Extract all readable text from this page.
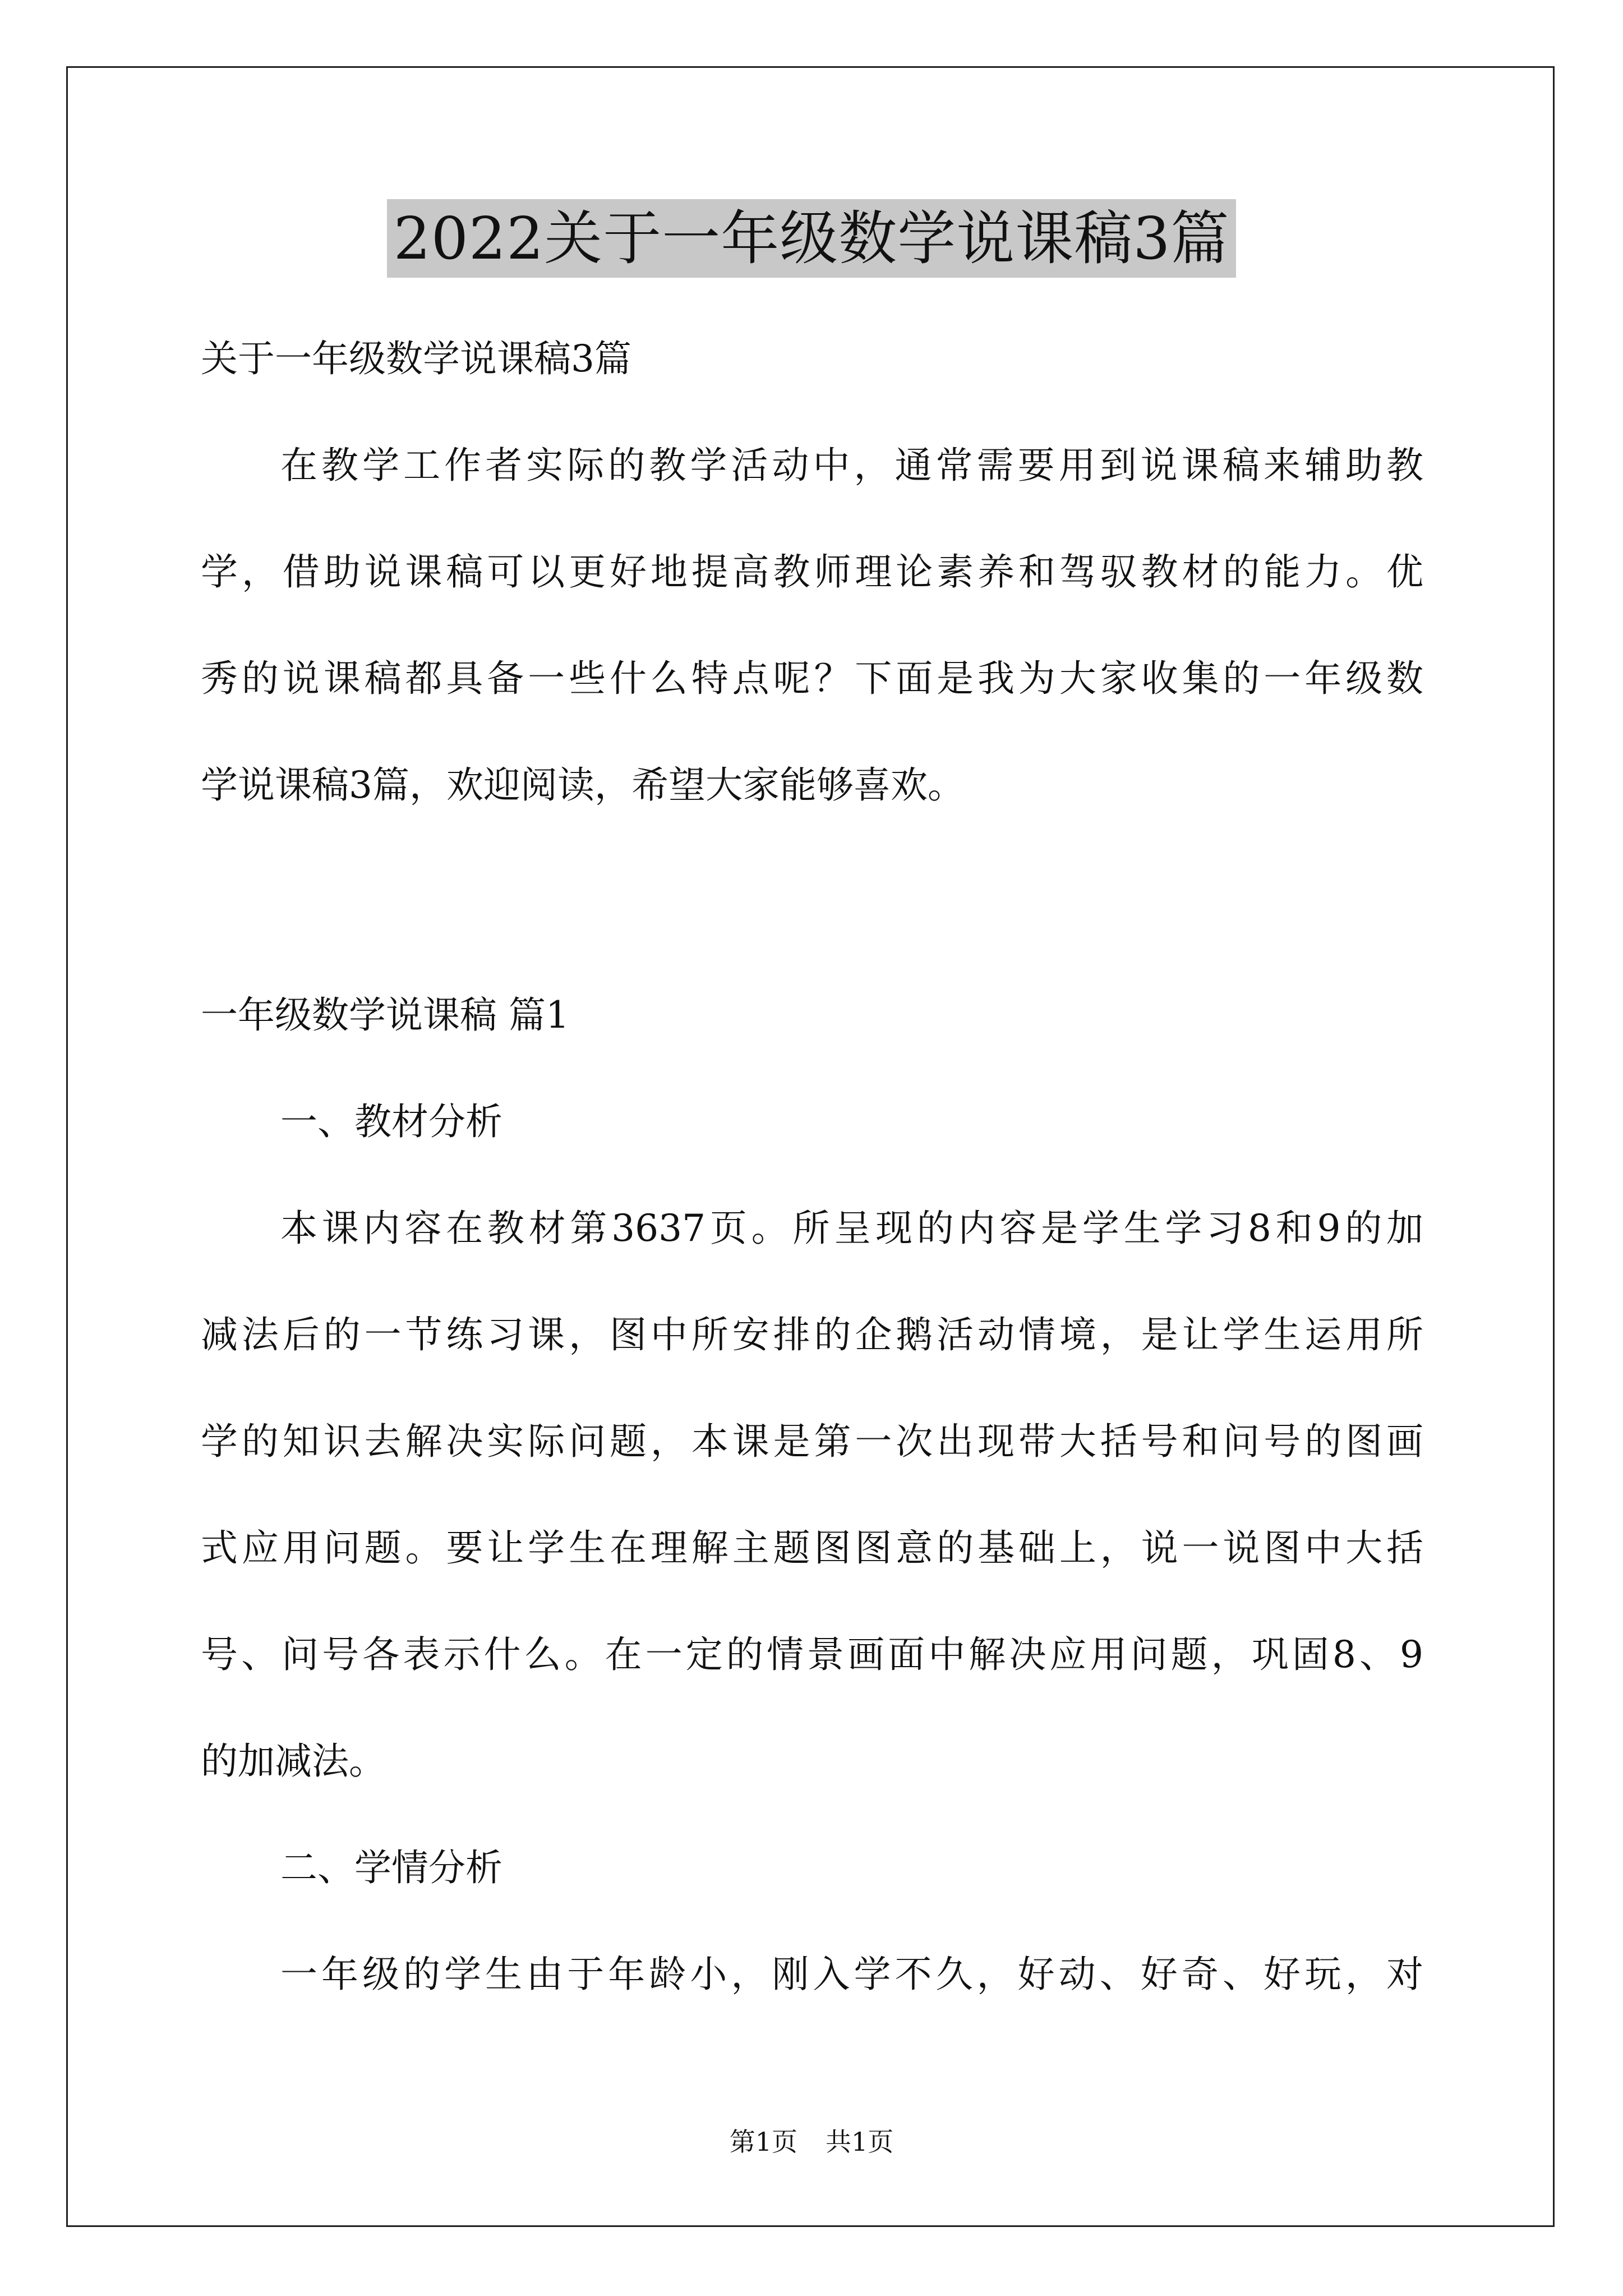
2022关于一年级数学说课稿3篇
关于一年级数学说课稿3篇
在教学工作者实际的教学活动中，通常需要用到说课稿来辅助教
学，借助说课稿可以更好地提高教师理论素养和驾驭教材的能力。优
秀的说课稿都具备一些什么特点呢？下面是我为大家收集的一年级数
学说课稿3篇，欢迎阅读，希望大家能够喜欢。
一年级数学说课稿 篇1
一、教材分析
本课内容在教材第3637页。所呈现的内容是学生学习8和9的加
减法后的一节练习课，图中所安排的企鹅活动情境，是让学生运用所
学的知识去解决实际问题，本课是第一次出现带大括号和问号的图画
式应用问题。要让学生在理解主题图图意的基础上，说一说图中大括
号、问号各表示什么。在一定的情景画面中解决应用问题，巩固8、9
的加减法。
二、学情分析
一年级的学生由于年龄小，刚入学不久，好动、好奇、好玩，对
第1页 共1页
